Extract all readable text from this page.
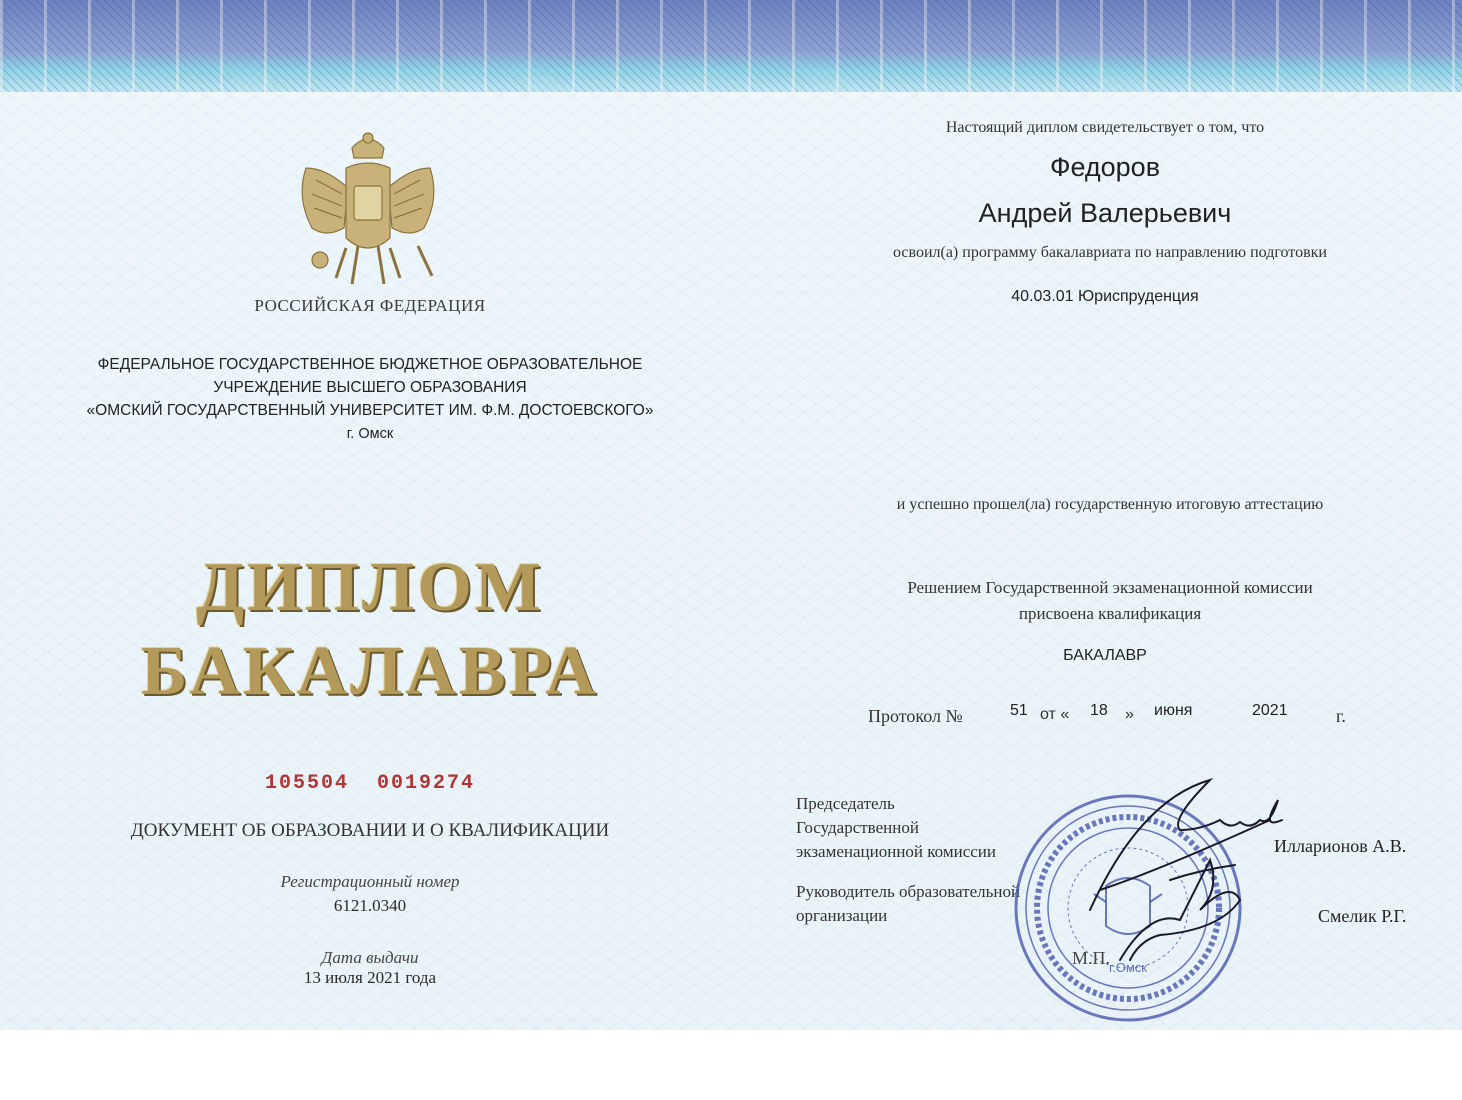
РОССИЙСКАЯ ФЕДЕРАЦИЯ
ФЕДЕРАЛЬНОЕ ГОСУДАРСТВЕННОЕ БЮДЖЕТНОЕ ОБРАЗОВАТЕЛЬНОЕ
УЧРЕЖДЕНИЕ ВЫСШЕГО ОБРАЗОВАНИЯ
«ОМСКИЙ ГОСУДАРСТВЕННЫЙ УНИВЕРСИТЕТ ИМ. Ф.М. ДОСТОЕВСКОГО»
г. Омск
ДИПЛОМ
БАКАЛАВРА
105504  0019274
ДОКУМЕНТ ОБ ОБРАЗОВАНИИ И О КВАЛИФИКАЦИИ
Регистрационный номер
6121.0340
Дата выдачи
13 июля 2021 года
Настоящий диплом свидетельствует о том, что
Федоров
Андрей Валерьевич
освоил(а) программу бакалавриата по направлению подготовки
40.03.01 Юриспруденция
и успешно прошел(ла) государственную итоговую аттестацию
Решением Государственной экзаменационной комиссии
присвоена квалификация
БАКАЛАВР
Протокол №	51 от « 18 » июня	2021	г.
Председатель
Государственной
экзаменационной комиссии	Илларионов А.В.
Руководитель образовательной
организации	Смелик Р.Г.
г.Омск
М.П.
